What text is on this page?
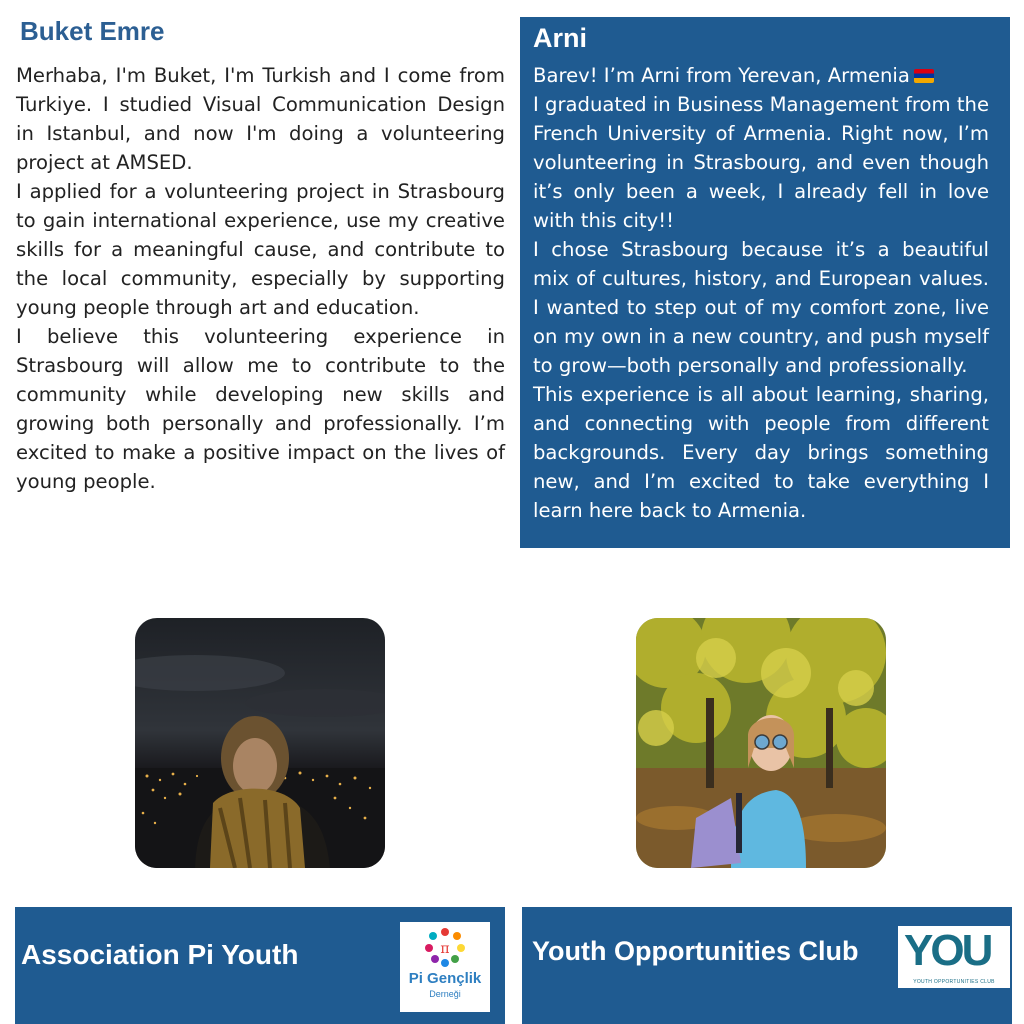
Buket Emre

Merhaba, I'm Buket, I'm Turkish and I come from Turkiye. I studied Visual Communication Design in Istanbul, and now I'm doing a volunteering project at AMSED.

I applied for a volunteering project in Strasbourg to gain international experience, use my creative skills for a meaningful cause, and contribute to the local community, especially by supporting young people through art and education.

I believe this volunteering experience in Strasbourg will allow me to contribute to the community while developing new skills and growing both personally and professionally. I’m excited to make a positive impact on the lives of young people.

Arni

Barev! I’m Arni from Yerevan, Armenia

I graduated in Business Management from the French University of Armenia. Right now, I’m volunteering in Strasbourg, and even though it’s only been a week, I already fell in love with this city!!

I chose Strasbourg because it’s a beautiful mix of cultures, history, and European values. I wanted to step out of my comfort zone, live on my own in a new country, and push myself to grow—both personally and professionally.

This experience is all about learning, sharing, and connecting with people from different backgrounds. Every day brings something new, and I’m excited to take everything I learn here back to Armenia.

Association Pi Youth	π
Pi Gençlik
Derneği
Youth Opportunities Club YOU
YOUTH OPPORTUNITIES CLUB
